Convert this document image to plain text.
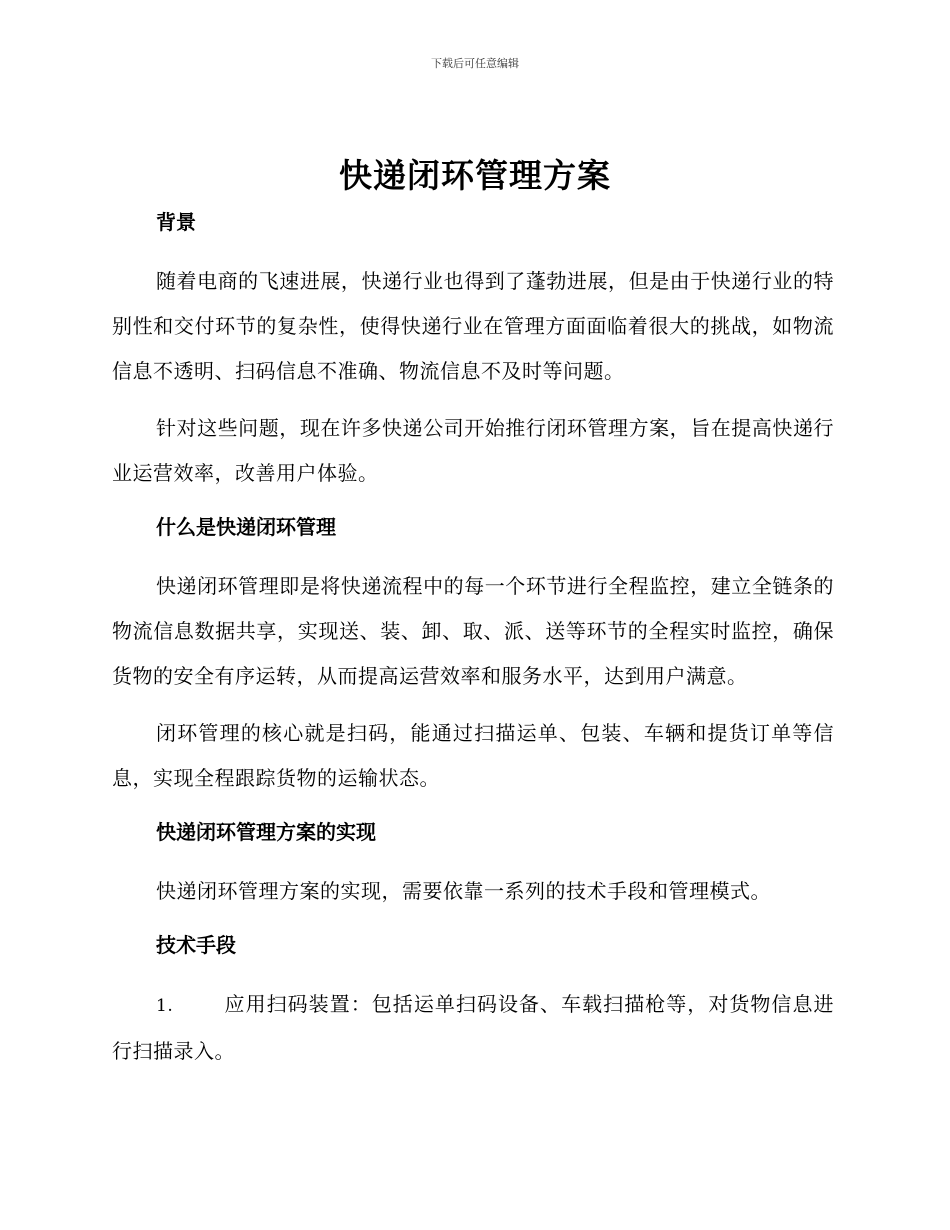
下载后可任意编辑
快递闭环管理方案
背景

随着电商的飞速进展，快递行业也得到了蓬勃进展，但是由于快递行业的特别性和交付环节的复杂性，使得快递行业在管理方面面临着很大的挑战，如物流信息不透明、扫码信息不准确、物流信息不及时等问题。

针对这些问题，现在许多快递公司开始推行闭环管理方案，旨在提高快递行业运营效率，改善用户体验。

什么是快递闭环管理

快递闭环管理即是将快递流程中的每一个环节进行全程监控，建立全链条的物流信息数据共享，实现送、装、卸、取、派、送等环节的全程实时监控，确保货物的安全有序运转，从而提高运营效率和服务水平，达到用户满意。

闭环管理的核心就是扫码，能通过扫描运单、包装、车辆和提货订单等信息，实现全程跟踪货物的运输状态。

快递闭环管理方案的实现

快递闭环管理方案的实现，需要依靠一系列的技术手段和管理模式。

技术手段

1.	应用扫码装置：包括运单扫码设备、车载扫描枪等，对货物信息进行扫描录入。
